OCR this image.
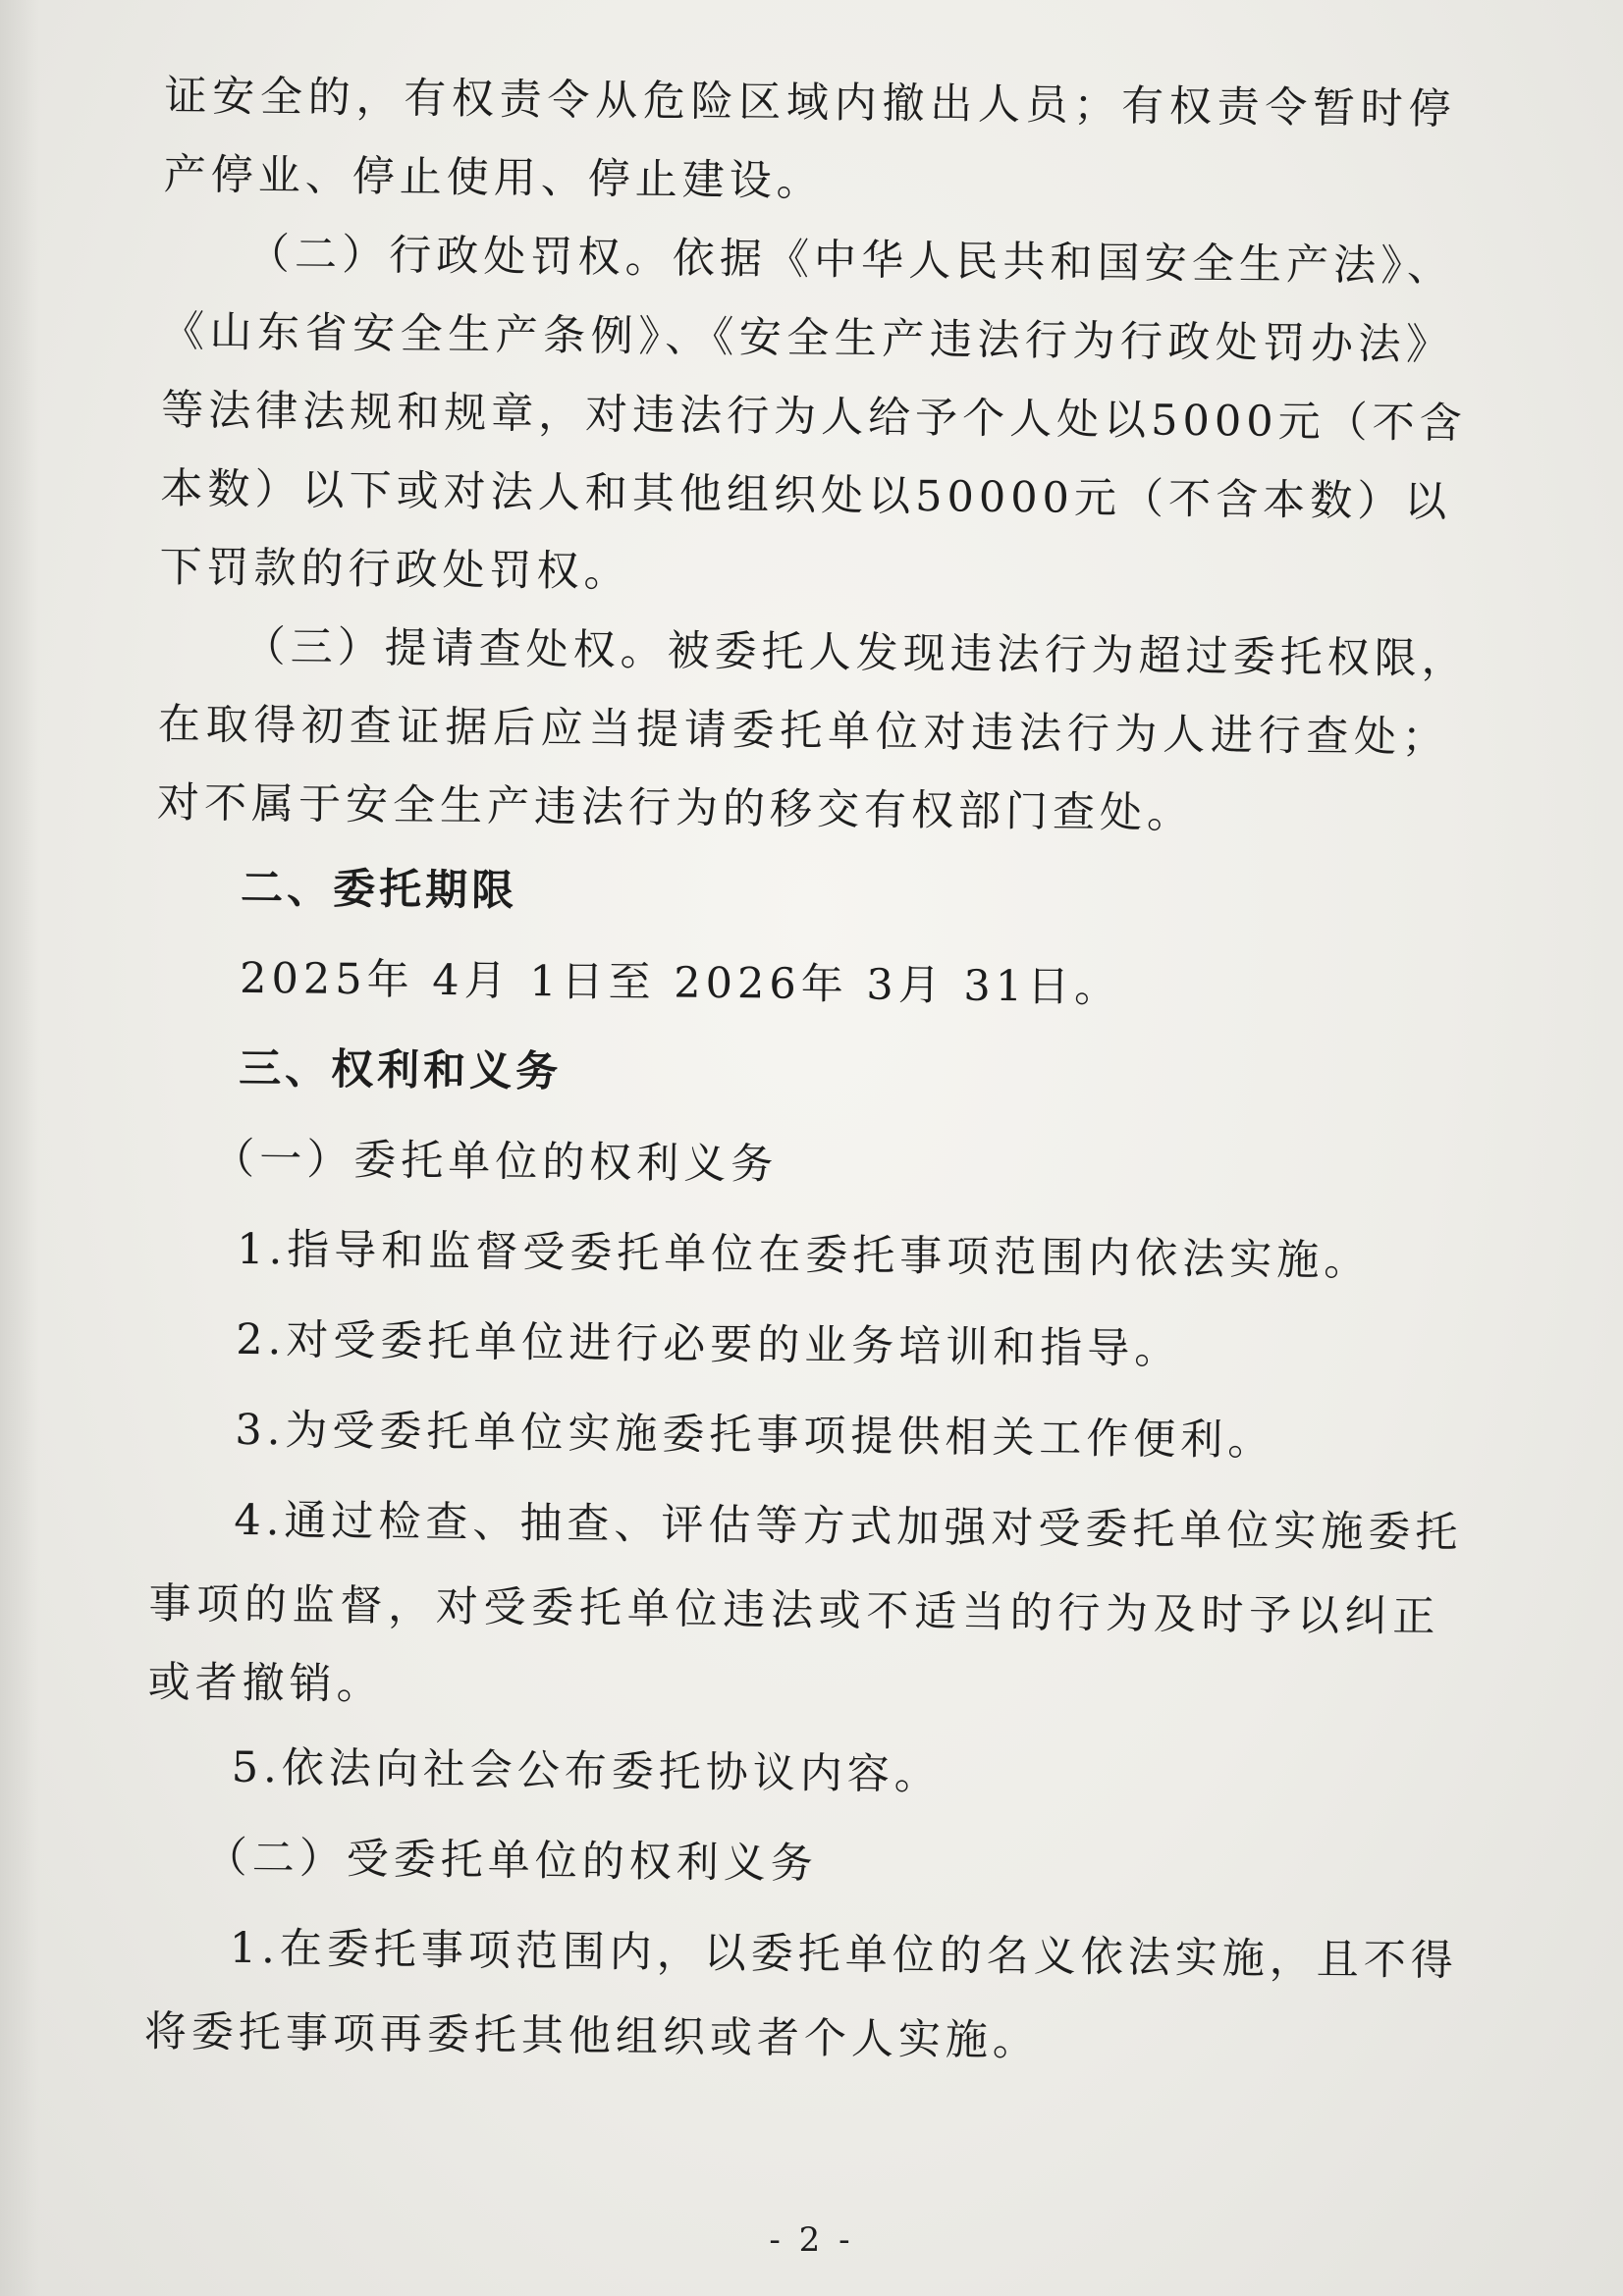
证安全的，有权责令从危险区域内撤出人员；有权责令暂时停
产停业、停止使用、停止建设。
（二）行政处罚权。依据《中华人民共和国安全生产法》、
《山东省安全生产条例》、《安全生产违法行为行政处罚办法》
等法律法规和规章，对违法行为人给予个人处以5000元（不含
本数）以下或对法人和其他组织处以50000元（不含本数）以
下罚款的行政处罚权。
（三）提请查处权。被委托人发现违法行为超过委托权限，
在取得初查证据后应当提请委托单位对违法行为人进行查处；
对不属于安全生产违法行为的移交有权部门查处。
二、委托期限
2025年 4月 1日至 2026年 3月 31日。
三、权利和义务
（一）委托单位的权利义务
1.指导和监督受委托单位在委托事项范围内依法实施。
2.对受委托单位进行必要的业务培训和指导。
3.为受委托单位实施委托事项提供相关工作便利。
4.通过检查、抽查、评估等方式加强对受委托单位实施委托
事项的监督，对受委托单位违法或不适当的行为及时予以纠正
或者撤销。
5.依法向社会公布委托协议内容。
（二）受委托单位的权利义务
1.在委托事项范围内，以委托单位的名义依法实施，且不得
将委托事项再委托其他组织或者个人实施。
- 2 -
